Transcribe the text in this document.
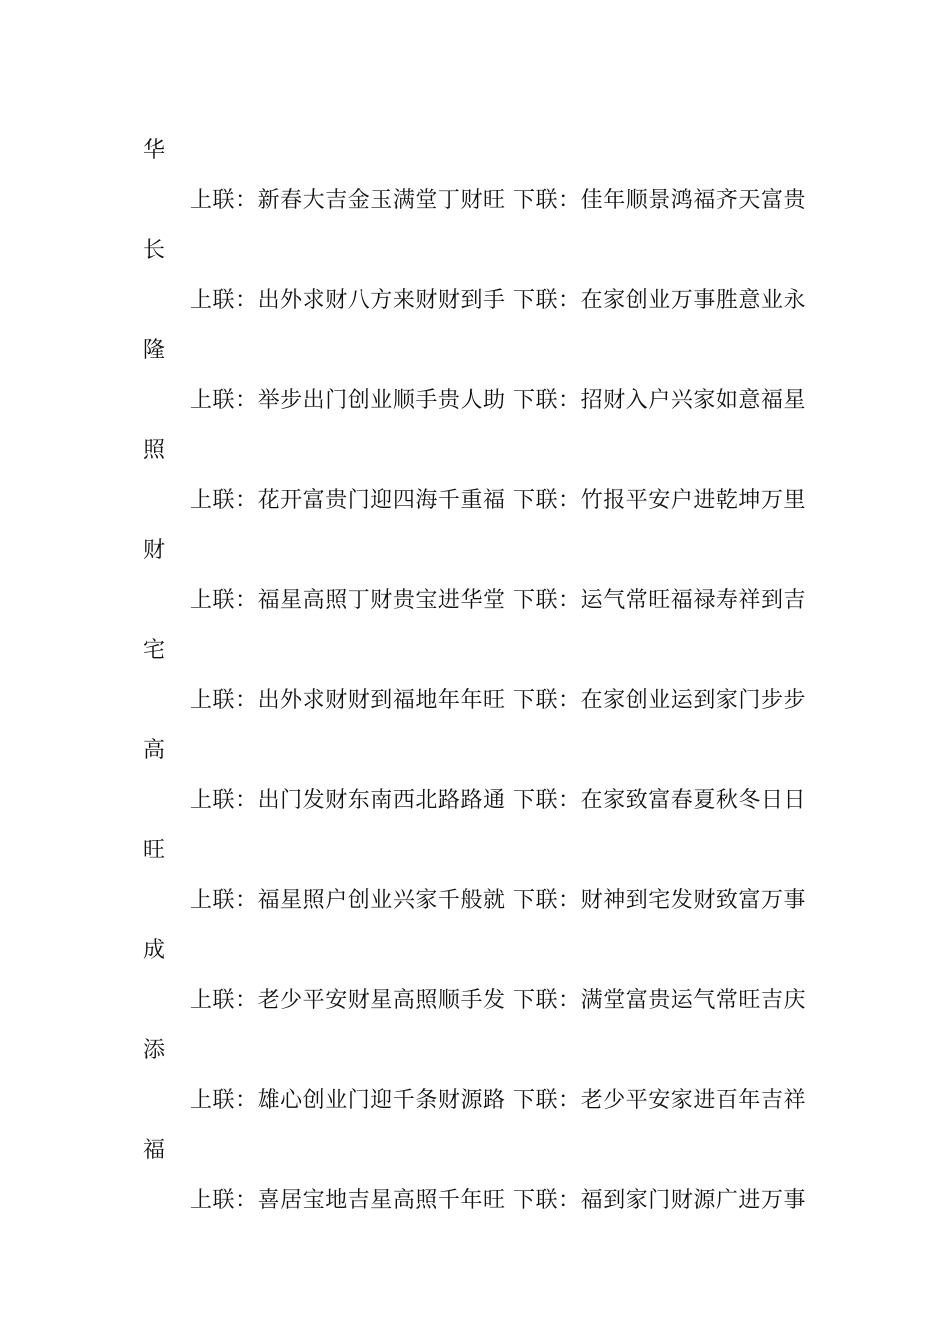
华
上联：新春大吉金玉满堂丁财旺 下联：佳年顺景鸿福齐天富贵
长
上联：出外求财八方来财财到手 下联：在家创业万事胜意业永
隆
上联：举步出门创业顺手贵人助 下联：招财入户兴家如意福星
照
上联：花开富贵门迎四海千重福 下联：竹报平安户进乾坤万里
财
上联：福星高照丁财贵宝进华堂 下联：运气常旺福禄寿祥到吉
宅
上联：出外求财财到福地年年旺 下联：在家创业运到家门步步
高
上联：出门发财东南西北路路通 下联：在家致富春夏秋冬日日
旺
上联：福星照户创业兴家千般就 下联：财神到宅发财致富万事
成
上联：老少平安财星高照顺手发 下联：满堂富贵运气常旺吉庆
添
上联：雄心创业门迎千条财源路 下联：老少平安家进百年吉祥
福
上联：喜居宝地吉星高照千年旺 下联：福到家门财源广进万事
